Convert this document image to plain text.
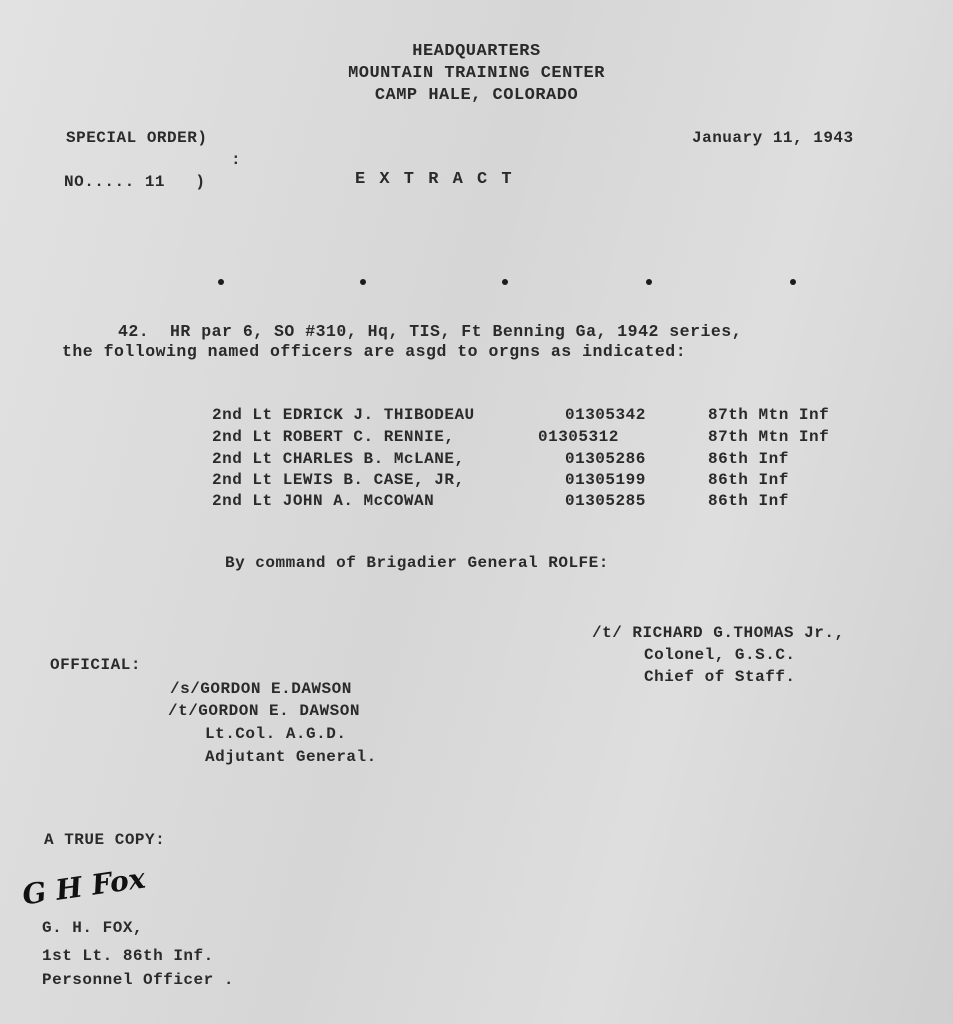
HEADQUARTERS
MOUNTAIN TRAINING CENTER
CAMP HALE, COLORADO
SPECIAL ORDER)	January 11, 1943
:
NO..... 11   )	E X T R A C T
42.  HR par 6, SO #310, Hq, TIS, Ft Benning Ga, 1942 series,
the following named officers are asgd to orgns as indicated:
2nd Lt EDRICK J. THIBODEAU	01305342	87th Mtn Inf
2nd Lt ROBERT C. RENNIE,	01305312	87th Mtn Inf
2nd Lt CHARLES B. McLANE,	01305286	86th Inf
2nd Lt LEWIS B. CASE, JR,	01305199	86th Inf
2nd Lt JOHN A. McCOWAN	01305285	86th Inf
By command of Brigadier General ROLFE:
/t/ RICHARD G.THOMAS Jr.,
Colonel, G.S.C.
Chief of Staff.
OFFICIAL:
/s/GORDON E.DAWSON
/t/GORDON E. DAWSON
Lt.Col. A.G.D.
Adjutant General.
A TRUE COPY:
G H Fox
G. H. FOX,
1st Lt. 86th Inf.
Personnel Officer .
